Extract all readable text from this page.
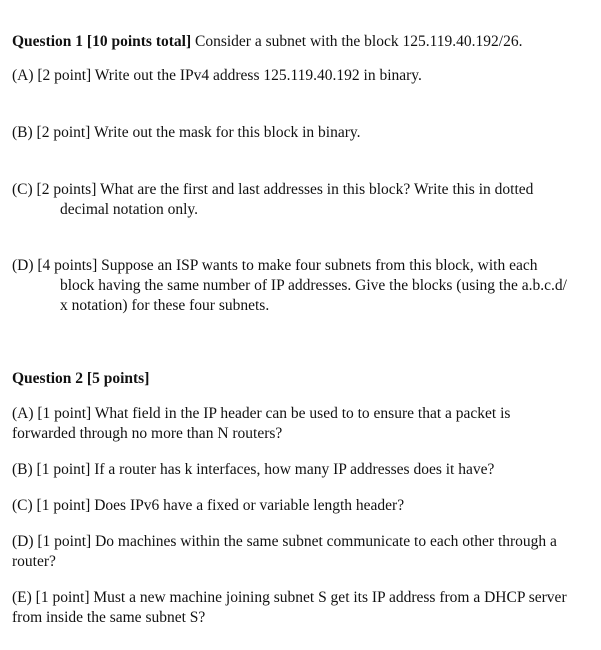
Question 1 [10 points total] Consider a subnet with the block 125.119.40.192/26.
(A) [2 point] Write out the IPv4 address 125.119.40.192 in binary.
(B) [2 point] Write out the mask for this block in binary.
(C) [2 points] What are the first and last addresses in this block? Write this in dotted
decimal notation only.
(D) [4 points] Suppose an ISP wants to make four subnets from this block, with each
block having the same number of IP addresses. Give the blocks (using the a.b.c.d/
x notation) for these four subnets.
Question 2 [5 points]
(A) [1 point] What field in the IP header can be used to to ensure that a packet is
forwarded through no more than N routers?
(B) [1 point] If a router has k interfaces, how many IP addresses does it have?
(C) [1 point] Does IPv6 have a fixed or variable length header?
(D) [1 point] Do machines within the same subnet communicate to each other through a
router?
(E) [1 point] Must a new machine joining subnet S get its IP address from a DHCP server
from inside the same subnet S?
